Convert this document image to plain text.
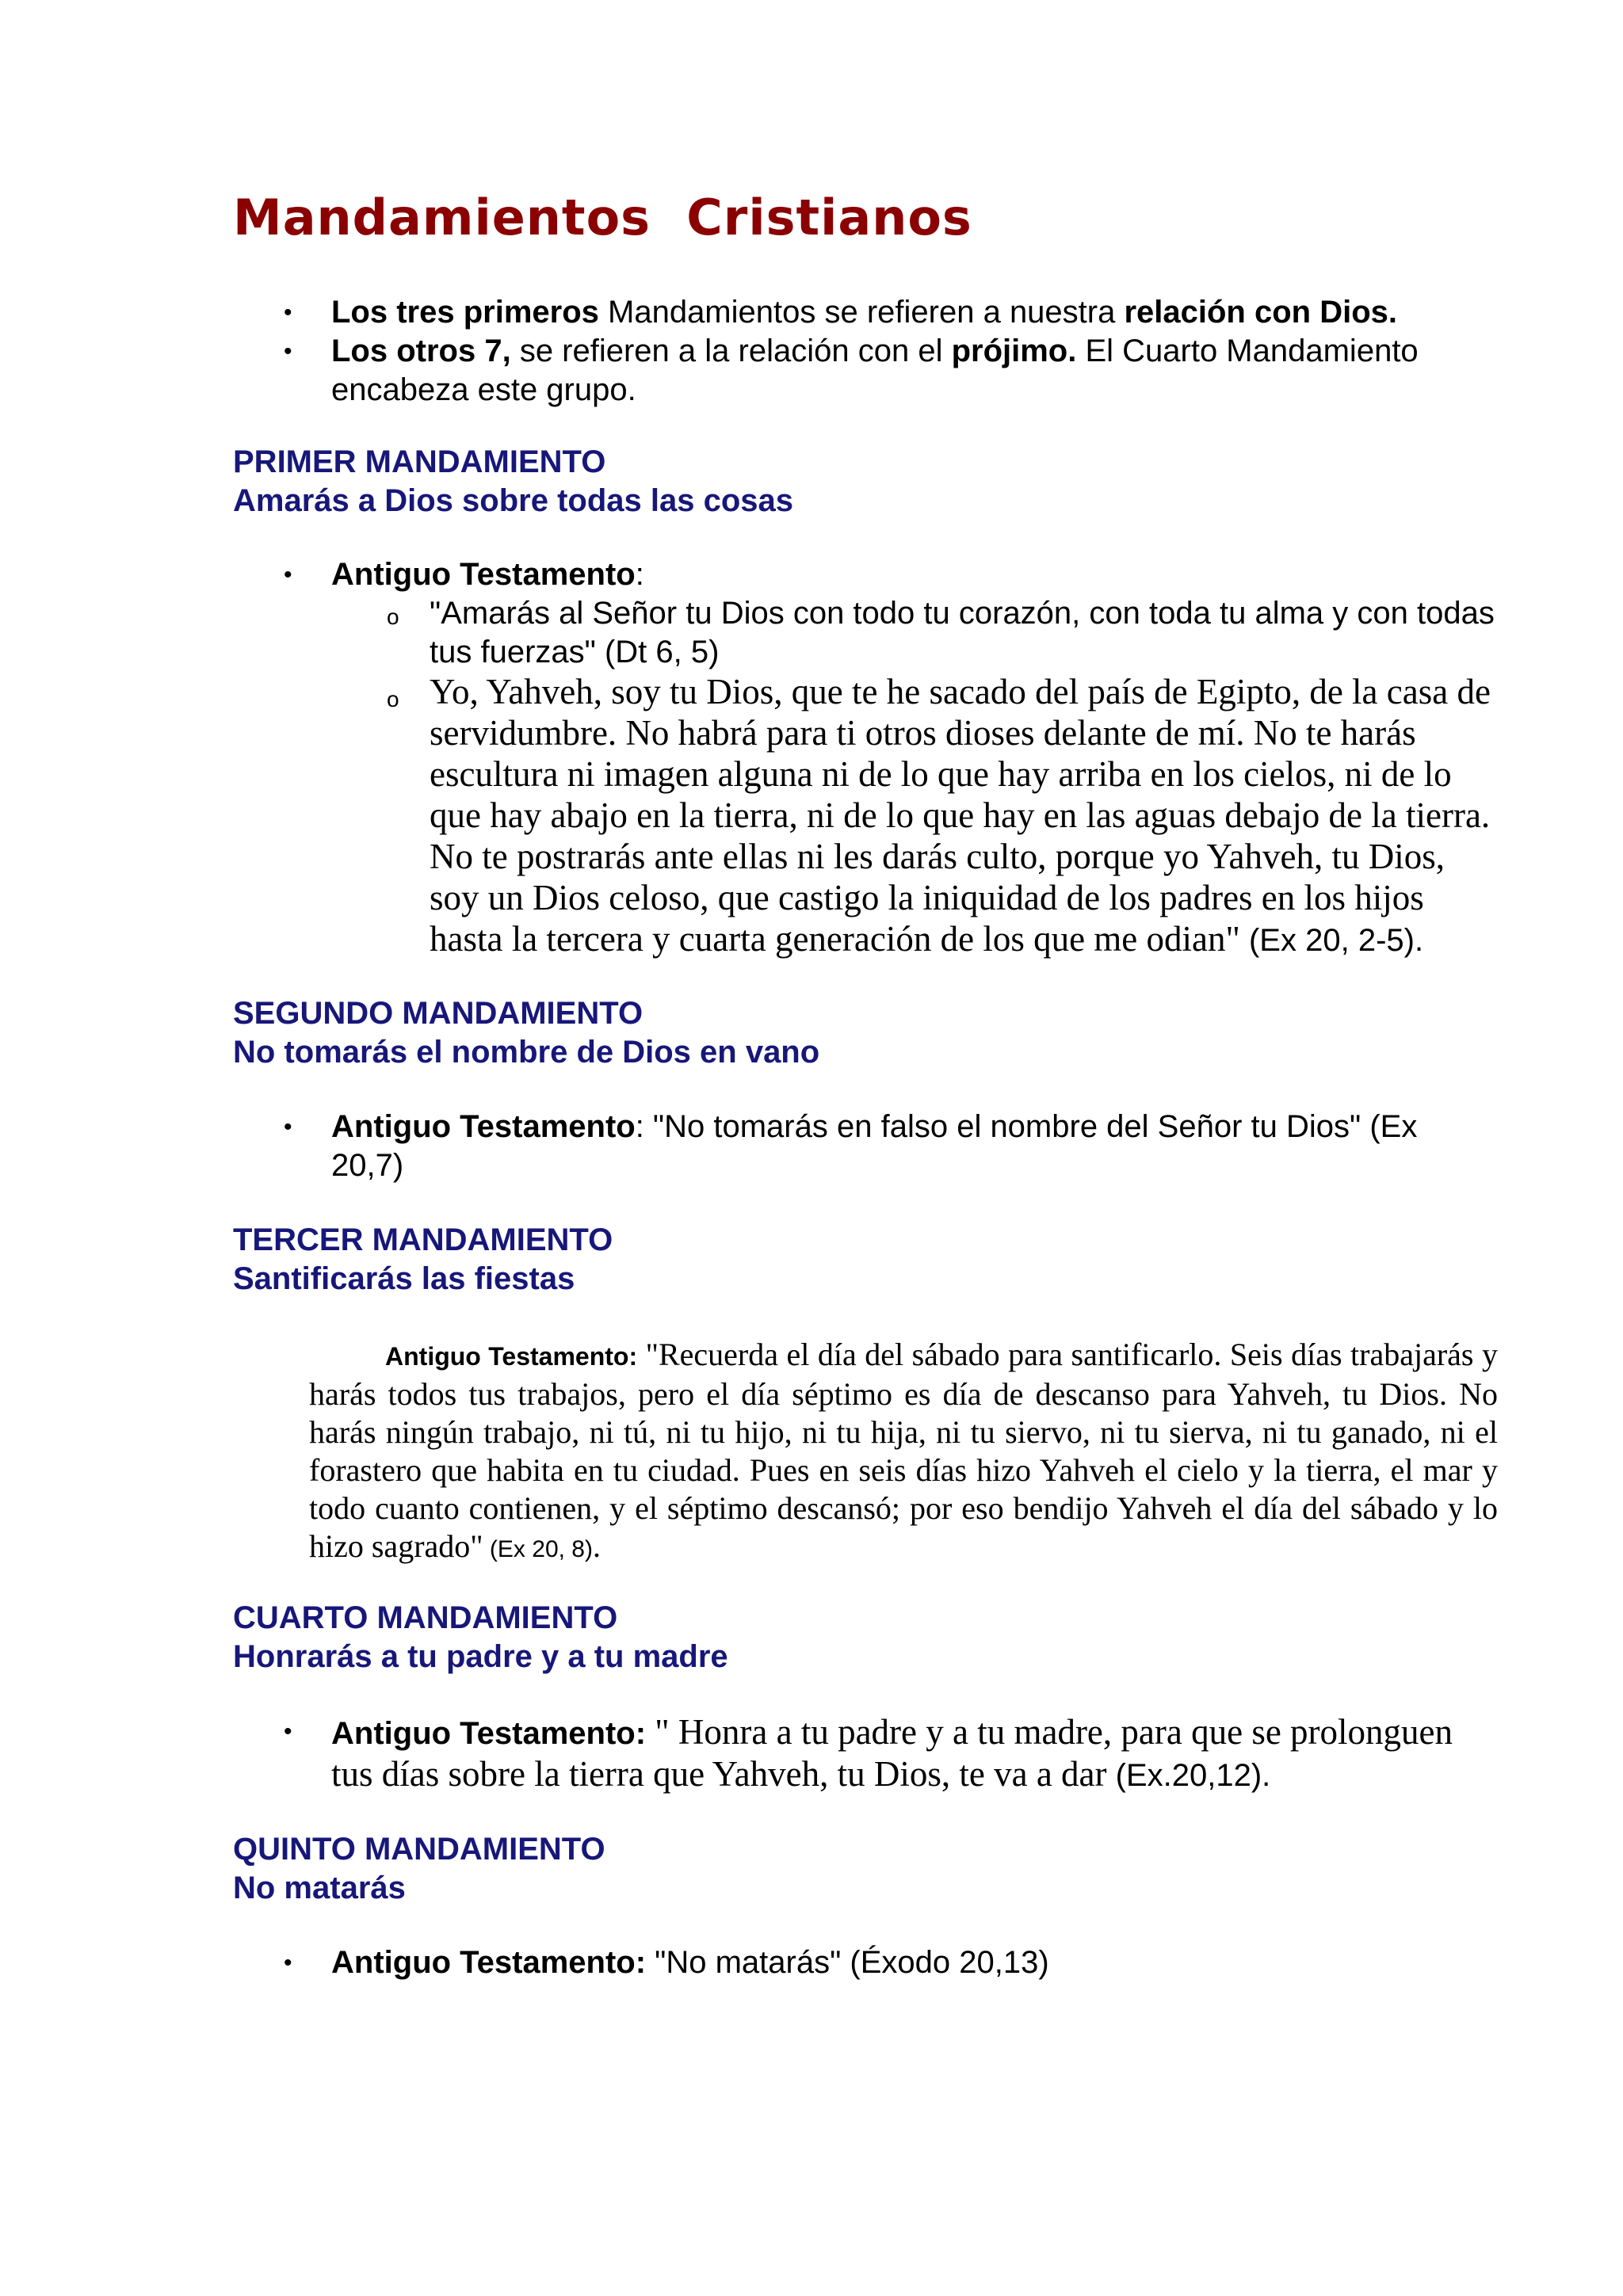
Mandamientos  Cristianos
• Los tres primeros Mandamientos se refieren a nuestra relación con Dios.
• Los otros 7, se refieren a la relación con el prójimo. El Cuarto Mandamiento encabeza este grupo.
PRIMER MANDAMIENTO
Amarás a Dios sobre todas las cosas
• Antiguo Testamento:
o "Amarás al Señor tu Dios con todo tu corazón, con toda tu alma y con todas tus fuerzas" (Dt 6, 5)
o Yo, Yahveh, soy tu Dios, que te he sacado del país de Egipto, de la casa de servidumbre. No habrá para ti otros dioses delante de mí. No te harás escultura ni imagen alguna ni de lo que hay arriba en los cielos, ni de lo que hay abajo en la tierra, ni de lo que hay en las aguas debajo de la tierra. No te postrarás ante ellas ni les darás culto, porque yo Yahveh, tu Dios, soy un Dios celoso, que castigo la iniquidad de los padres en los hijos hasta la tercera y cuarta generación de los que me odian" (Ex 20, 2-5).
SEGUNDO MANDAMIENTO
No tomarás el nombre de Dios en vano
• Antiguo Testamento: "No tomarás en falso el nombre del Señor tu Dios" (Ex 20,7)
TERCER MANDAMIENTO
Santificarás las fiestas
Antiguo Testamento: "Recuerda el día del sábado para santificarlo. Seis días trabajarás y harás todos tus trabajos, pero el día séptimo es día de descanso para Yahveh, tu Dios. No harás ningún trabajo, ni tú, ni tu hijo, ni tu hija, ni tu siervo, ni tu sierva, ni tu ganado, ni el forastero que habita en tu ciudad. Pues en seis días hizo Yahveh el cielo y la tierra, el mar y todo cuanto contienen, y el séptimo descansó; por eso bendijo Yahveh el día del sábado y lo hizo sagrado" (Ex 20, 8).
CUARTO MANDAMIENTO
Honrarás a tu padre y a tu madre
• Antiguo Testamento: " Honra a tu padre y a tu madre, para que se prolonguen tus días sobre la tierra que Yahveh, tu Dios, te va a dar (Ex.20,12).
QUINTO MANDAMIENTO
No matarás
• Antiguo Testamento: "No matarás" (Éxodo 20,13)
